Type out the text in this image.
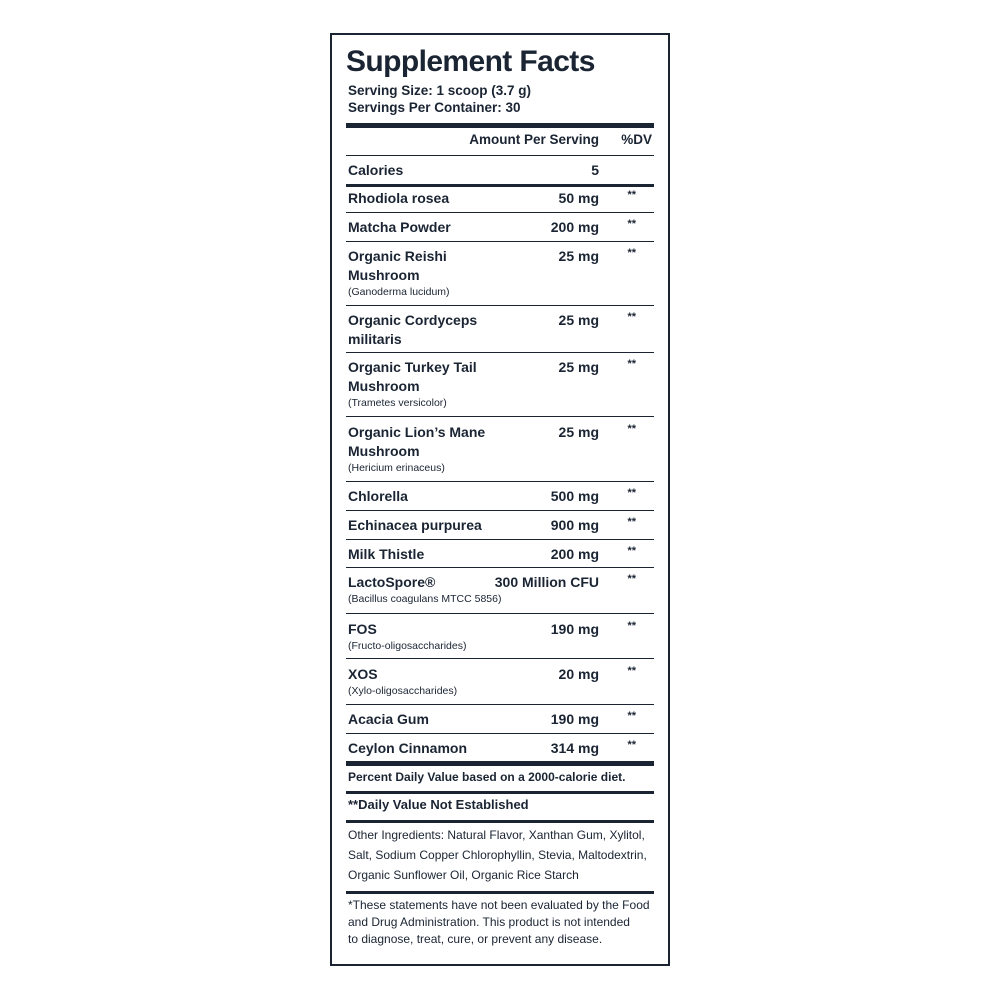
Supplement Facts
Serving Size: 1 scoop (3.7 g)
Servings Per Container: 30
Amount Per Serving %DV
Calories	5
Rhodiola rosea	50 mg	**
Matcha Powder	200 mg	**
Organic Reishi
Mushroom
(Ganoderma lucidum)
25 mg	**
Organic Cordyceps
militaris
25 mg	**
Organic Turkey Tail
Mushroom
(Trametes versicolor)
25 mg	**
Organic Lion’s Mane
Mushroom
(Hericium erinaceus)
25 mg	**
Chlorella	500 mg	**
Echinacea purpurea	900 mg	**
Milk Thistle	200 mg	**
LactoSpore®
(Bacillus coagulans MTCC 5856)
300 Million CFU	**
FOS
(Fructo-oligosaccharides)
190 mg	**
XOS
(Xylo-oligosaccharides)
20 mg	**
Acacia Gum	190 mg	**
Ceylon Cinnamon	314 mg	**
Percent Daily Value based on a 2000-calorie diet.
**Daily Value Not Established
Other Ingredients: Natural Flavor, Xanthan Gum, Xylitol,
Salt, Sodium Copper Chlorophyllin, Stevia, Maltodextrin,
Organic Sunflower Oil, Organic Rice Starch
*These statements have not been evaluated by the Food
and Drug Administration. This product is not intended
to diagnose, treat, cure, or prevent any disease.
